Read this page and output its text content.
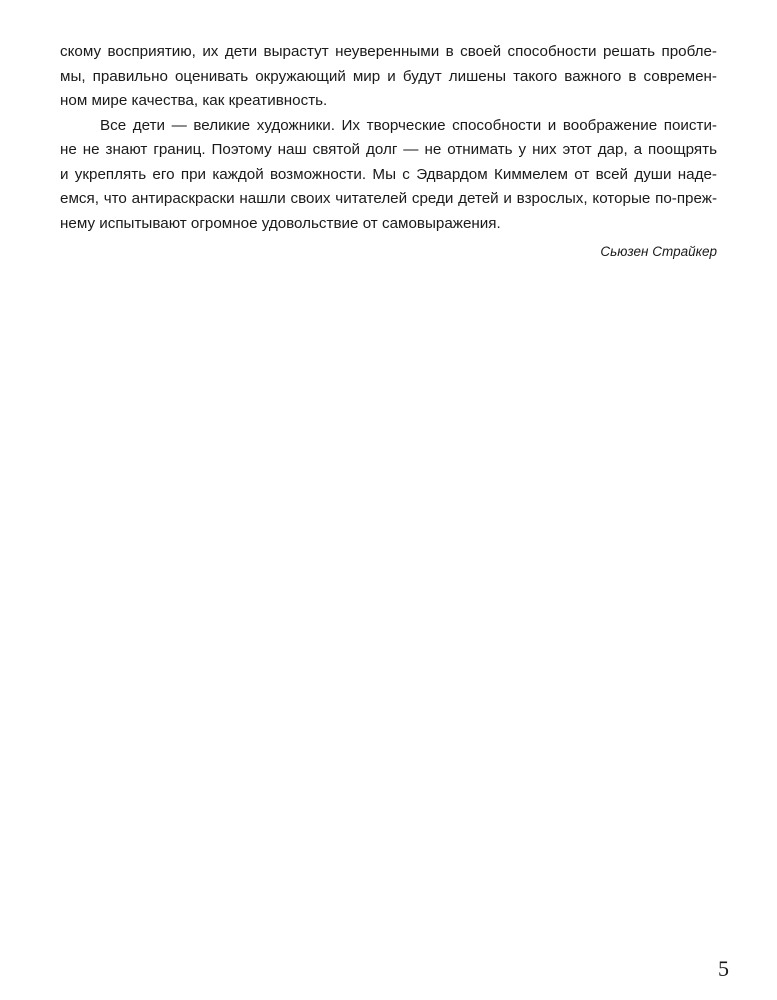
скому восприятию, их дети вырастут неуверенными в своей способности решать пробле-
мы, правильно оценивать окружающий мир и будут лишены такого важного в современ-
ном мире качества, как креативность.
Все дети — великие художники. Их творческие способности и воображение поисти-
не не знают границ. Поэтому наш святой долг — не отнимать у них этот дар, а поощрять
и укреплять его при каждой возможности. Мы с Эдвардом Киммелем от всей души наде-
емся, что антираскраски нашли своих читателей среди детей и взрослых, которые по-преж-
нему испытывают огромное удовольствие от самовыражения.
Сьюзен Страйкер
5
